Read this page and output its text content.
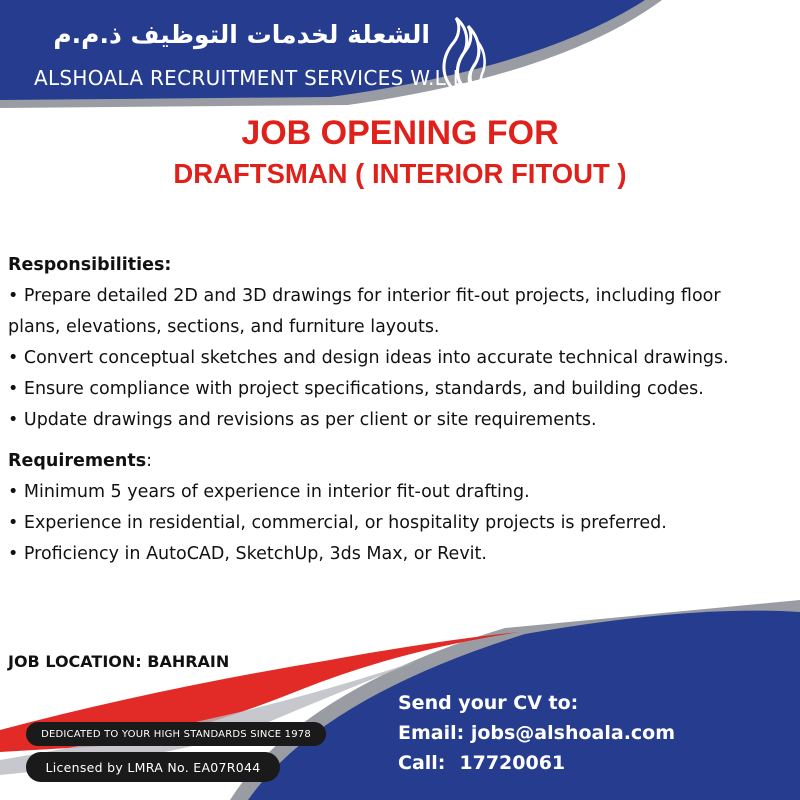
الشعلة لخدمات التوظيف ذ.م.م
ALSHOALA RECRUITMENT SERVICES W.L.L
JOB OPENING FOR
DRAFTSMAN ( INTERIOR FITOUT )
Responsibilities:
• Prepare detailed 2D and 3D drawings for interior fit-out projects, including floor
plans, elevations, sections, and furniture layouts.
• Convert conceptual sketches and design ideas into accurate technical drawings.
• Ensure compliance with project specifications, standards, and building codes.
• Update drawings and revisions as per client or site requirements.
Requirements:
• Minimum 5 years of experience in interior fit-out drafting.
• Experience in residential, commercial, or hospitality projects is preferred.
• Proficiency in AutoCAD, SketchUp, 3ds Max, or Revit.
JOB LOCATION: BAHRAIN
DEDICATED TO YOUR HIGH STANDARDS SINCE 1978
Licensed by LMRA No. EA07R044
Send your CV to:
Email: jobs@alshoala.com
Call: 17720061
